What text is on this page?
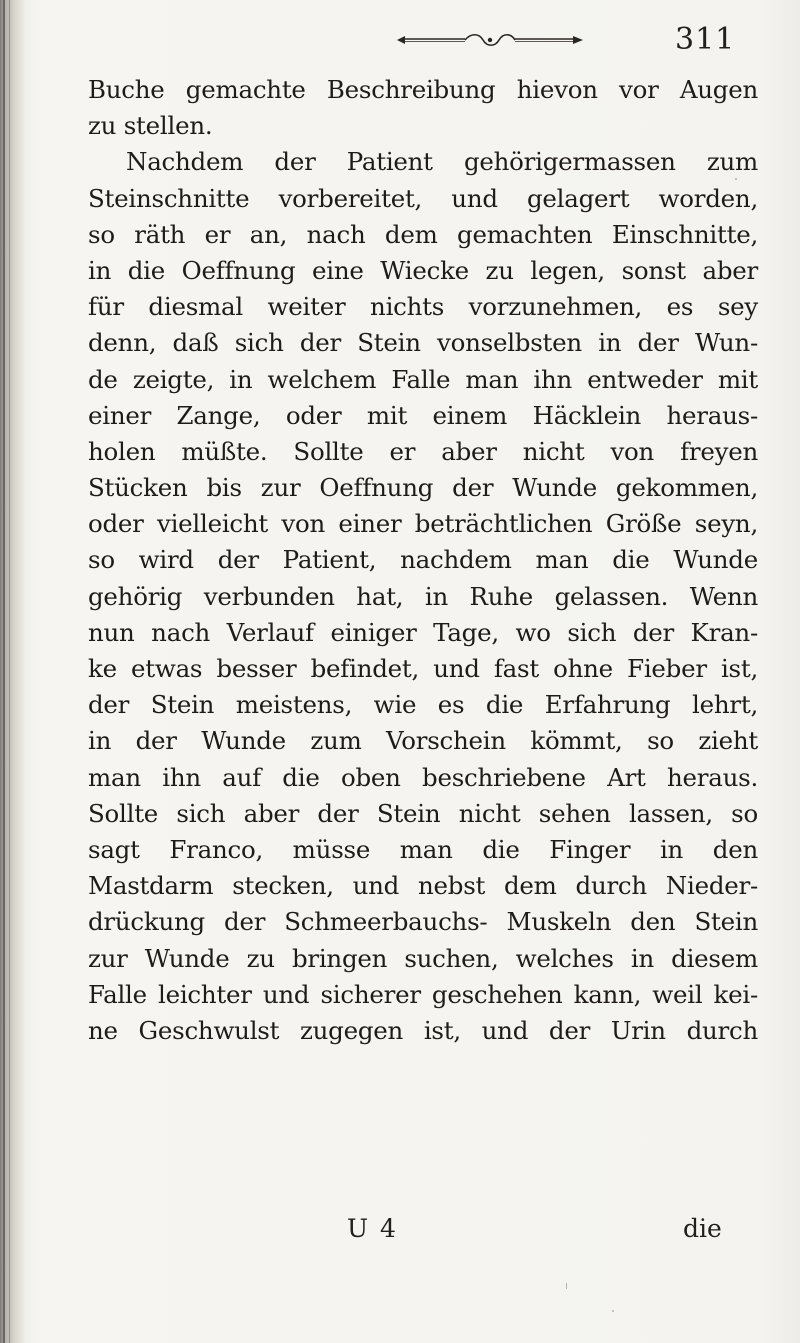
311
Buche gemachte Beschreibung hievon vor Augen
zu stellen.
Nachdem der Patient gehörigermassen zum
Steinschnitte vorbereitet, und gelagert worden,
so räth er an, nach dem gemachten Einschnitte,
in die Oeffnung eine Wiecke zu legen, sonst aber
für diesmal weiter nichts vorzunehmen, es sey
denn, daß sich der Stein vonselbsten in der Wun-
de zeigte, in welchem Falle man ihn entweder mit
einer Zange, oder mit einem Häcklein heraus-
holen müßte. Sollte er aber nicht von freyen
Stücken bis zur Oeffnung der Wunde gekommen,
oder vielleicht von einer beträchtlichen Größe seyn,
so wird der Patient, nachdem man die Wunde
gehörig verbunden hat, in Ruhe gelassen. Wenn
nun nach Verlauf einiger Tage, wo sich der Kran-
ke etwas besser befindet, und fast ohne Fieber ist,
der Stein meistens, wie es die Erfahrung lehrt,
in der Wunde zum Vorschein kömmt, so zieht
man ihn auf die oben beschriebene Art heraus.
Sollte sich aber der Stein nicht sehen lassen, so
sagt Franco, müsse man die Finger in den
Mastdarm stecken, und nebst dem durch Nieder-
drückung der Schmeerbauchs- Muskeln den Stein
zur Wunde zu bringen suchen, welches in diesem
Falle leichter und sicherer geschehen kann, weil kei-
ne Geschwulst zugegen ist, und der Urin durch
U 4	die
